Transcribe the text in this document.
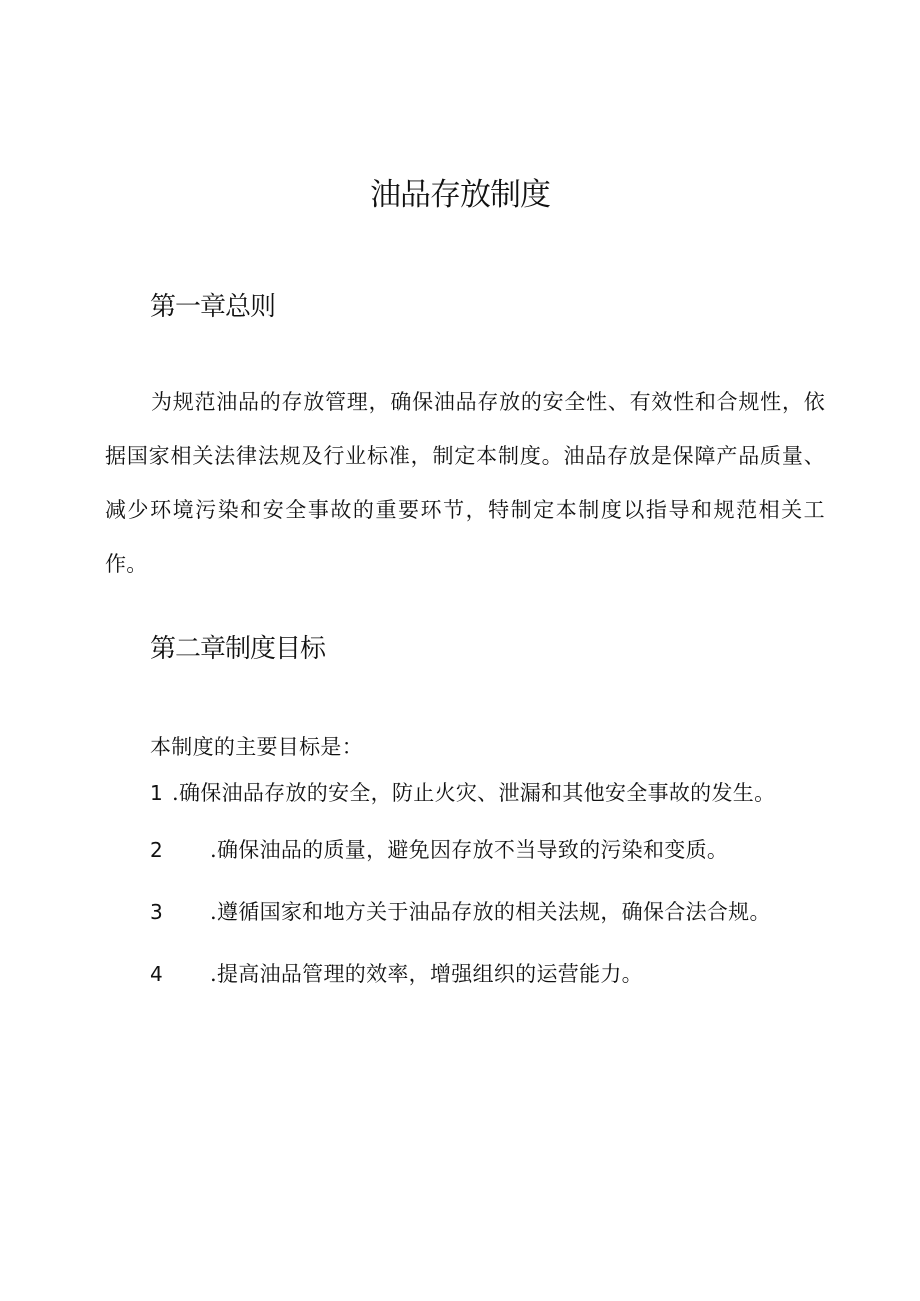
油品存放制度
第一章总则

为规范油品的存放管理，确保油品存放的安全性、有效性和合规性，依据国家相关法律法规及行业标准，制定本制度。油品存放是保障产品质量、减少环境污染和安全事故的重要环节，特制定本制度以指导和规范相关工作。

第二章制度目标

本制度的主要目标是：

1 .确保油品存放的安全，防止火灾、泄漏和其他安全事故的发生。

2 .确保油品的质量，避免因存放不当导致的污染和变质。

3 .遵循国家和地方关于油品存放的相关法规，确保合法合规。

4 .提高油品管理的效率，增强组织的运营能力。
